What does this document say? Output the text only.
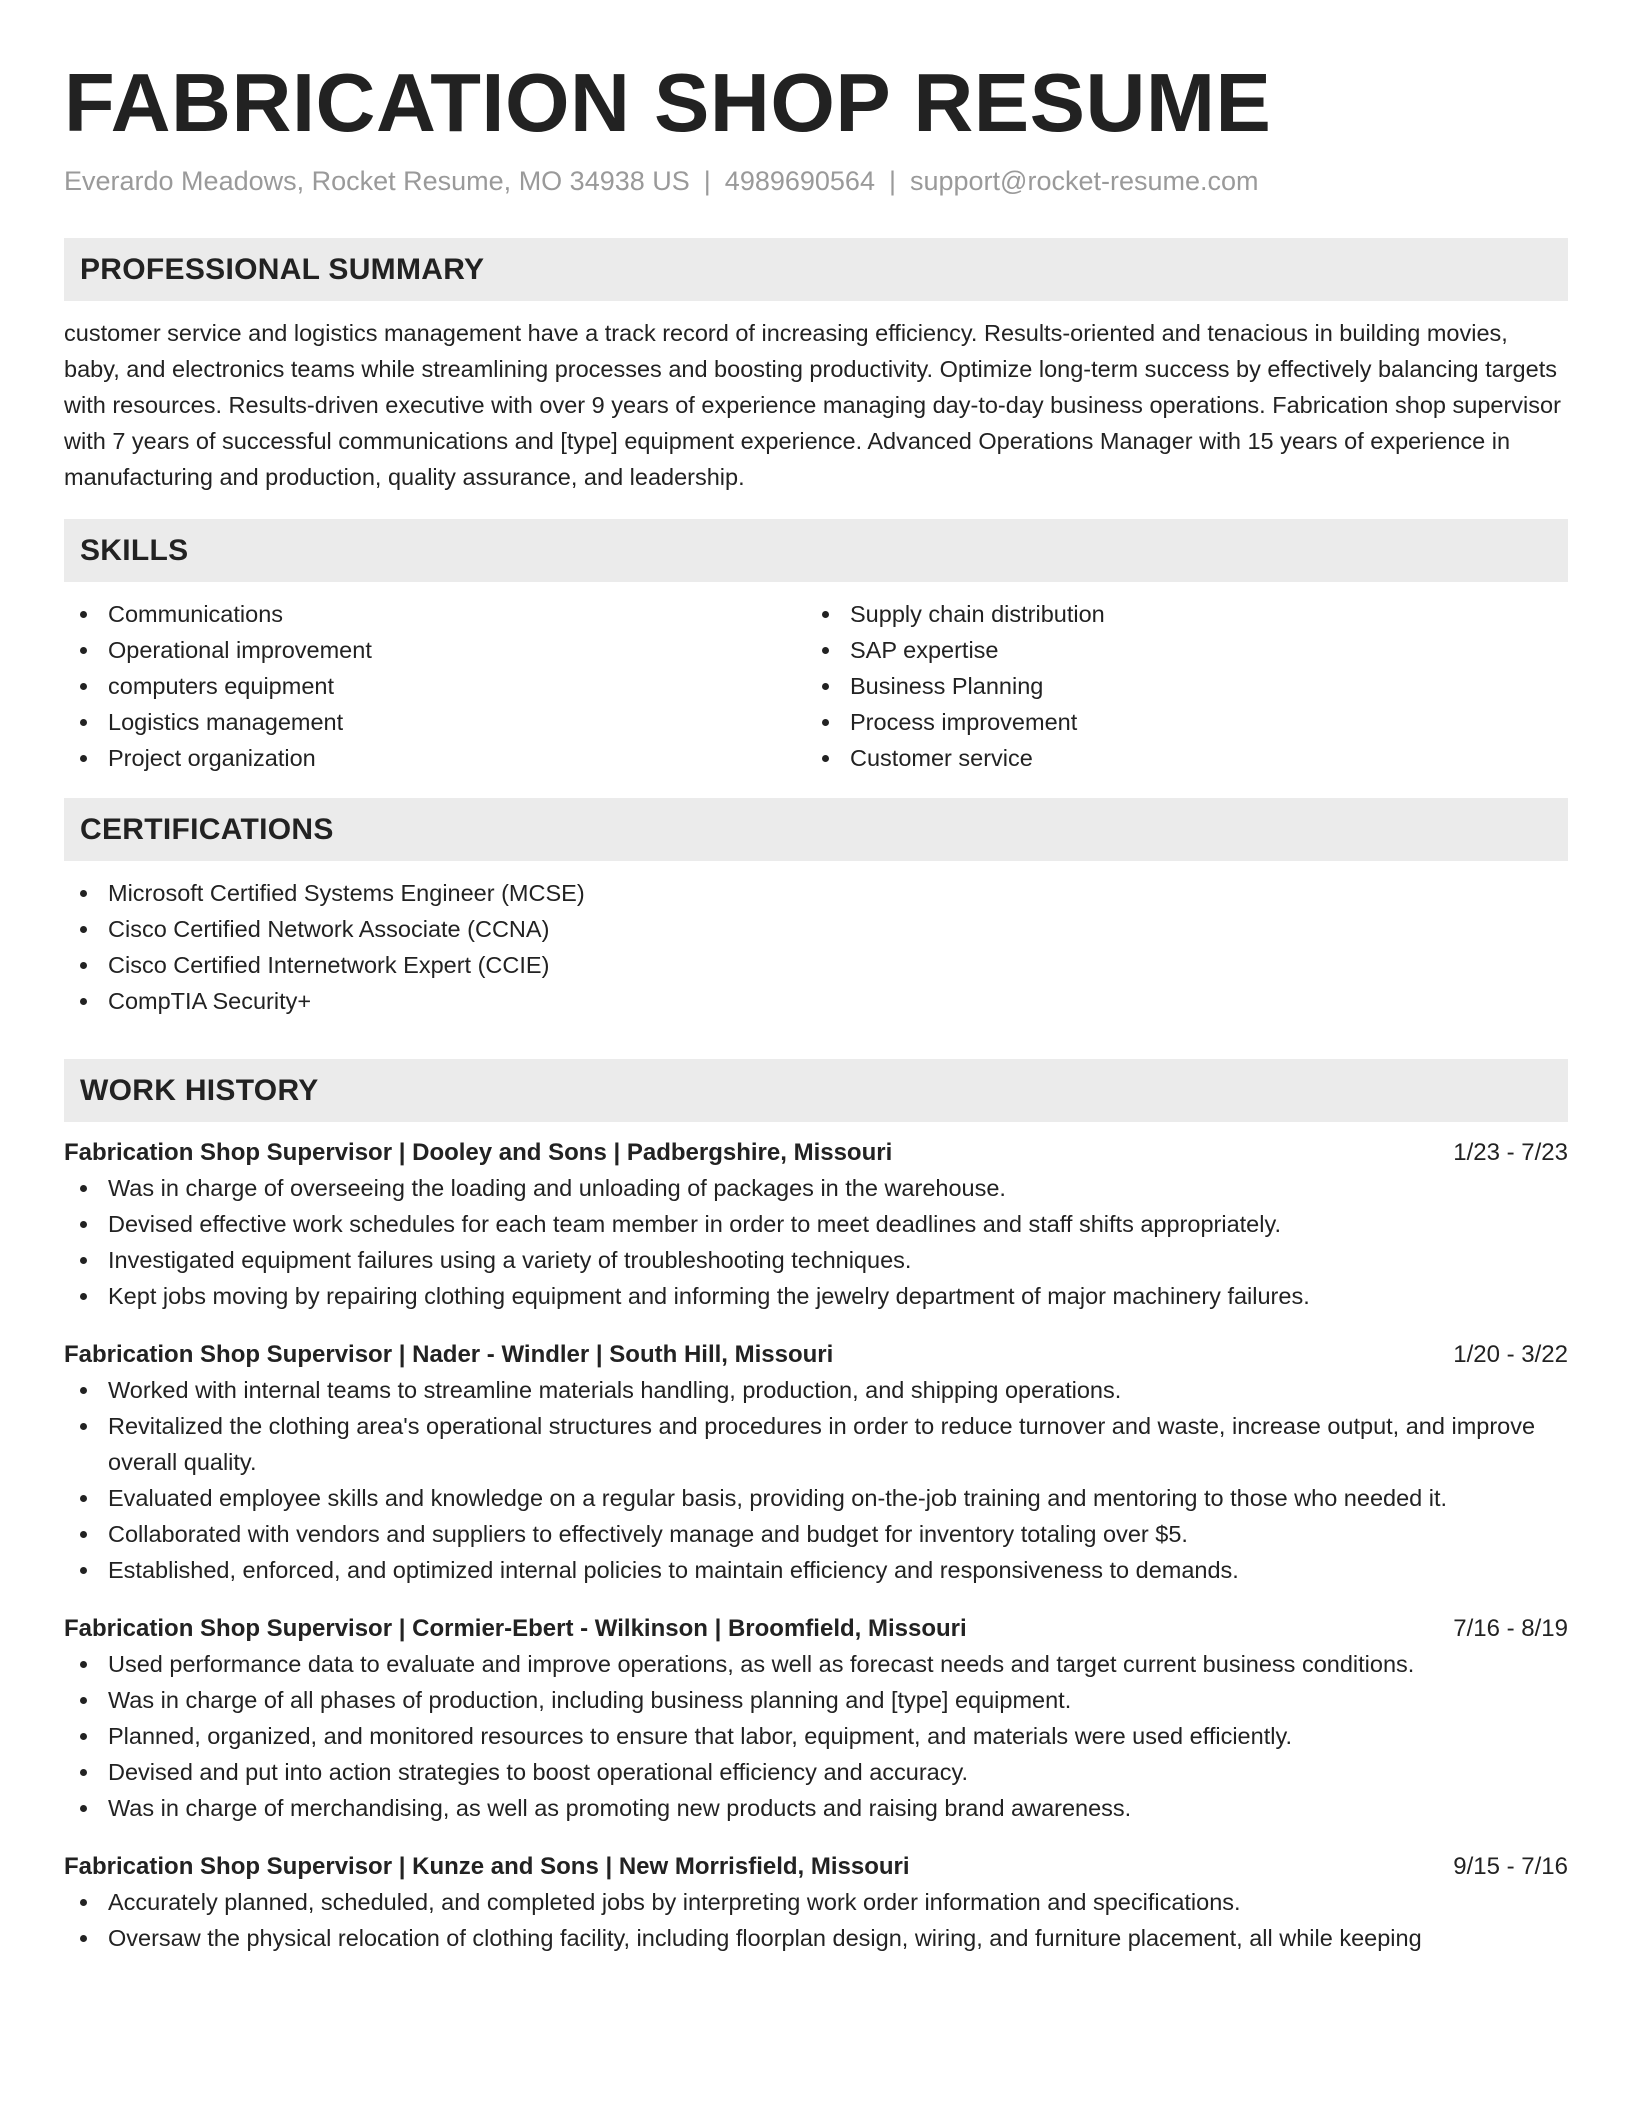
FABRICATION SHOP RESUME
Everardo Meadows, Rocket Resume, MO 34938 US | 4989690564 | support@rocket-resume.com
PROFESSIONAL SUMMARY

customer service and logistics management have a track record of increasing efficiency. Results-oriented and tenacious in building movies, baby, and electronics teams while streamlining processes and boosting productivity. Optimize long-term success by effectively balancing targets with resources. Results-driven executive with over 9 years of experience managing day-to-day business operations. Fabrication shop supervisor with 7 years of successful communications and [type] equipment experience. Advanced Operations Manager with 15 years of experience in manufacturing and production, quality assurance, and leadership.

SKILLS
Communications
Operational improvement
computers equipment
Logistics management
Project organization
Supply chain distribution
SAP expertise
Business Planning
Process improvement
Customer service
CERTIFICATIONS
Microsoft Certified Systems Engineer (MCSE)
Cisco Certified Network Associate (CCNA)
Cisco Certified Internetwork Expert (CCIE)
CompTIA Security+
WORK HISTORY
Fabrication Shop Supervisor | Dooley and Sons | Padbergshire, Missouri	1/23 - 7/23
Was in charge of overseeing the loading and unloading of packages in the warehouse.
Devised effective work schedules for each team member in order to meet deadlines and staff shifts appropriately.
Investigated equipment failures using a variety of troubleshooting techniques.
Kept jobs moving by repairing clothing equipment and informing the jewelry department of major machinery failures.
Fabrication Shop Supervisor | Nader - Windler | South Hill, Missouri	1/20 - 3/22
Worked with internal teams to streamline materials handling, production, and shipping operations.
Revitalized the clothing area's operational structures and procedures in order to reduce turnover and waste, increase output, and improve overall quality.
Evaluated employee skills and knowledge on a regular basis, providing on-the-job training and mentoring to those who needed it.
Collaborated with vendors and suppliers to effectively manage and budget for inventory totaling over $5.
Established, enforced, and optimized internal policies to maintain efficiency and responsiveness to demands.
Fabrication Shop Supervisor | Cormier-Ebert - Wilkinson | Broomfield, Missouri	7/16 - 8/19
Used performance data to evaluate and improve operations, as well as forecast needs and target current business conditions.
Was in charge of all phases of production, including business planning and [type] equipment.
Planned, organized, and monitored resources to ensure that labor, equipment, and materials were used efficiently.
Devised and put into action strategies to boost operational efficiency and accuracy.
Was in charge of merchandising, as well as promoting new products and raising brand awareness.
Fabrication Shop Supervisor | Kunze and Sons | New Morrisfield, Missouri	9/15 - 7/16
Accurately planned, scheduled, and completed jobs by interpreting work order information and specifications.
Oversaw the physical relocation of clothing facility, including floorplan design, wiring, and furniture placement, all while keeping
